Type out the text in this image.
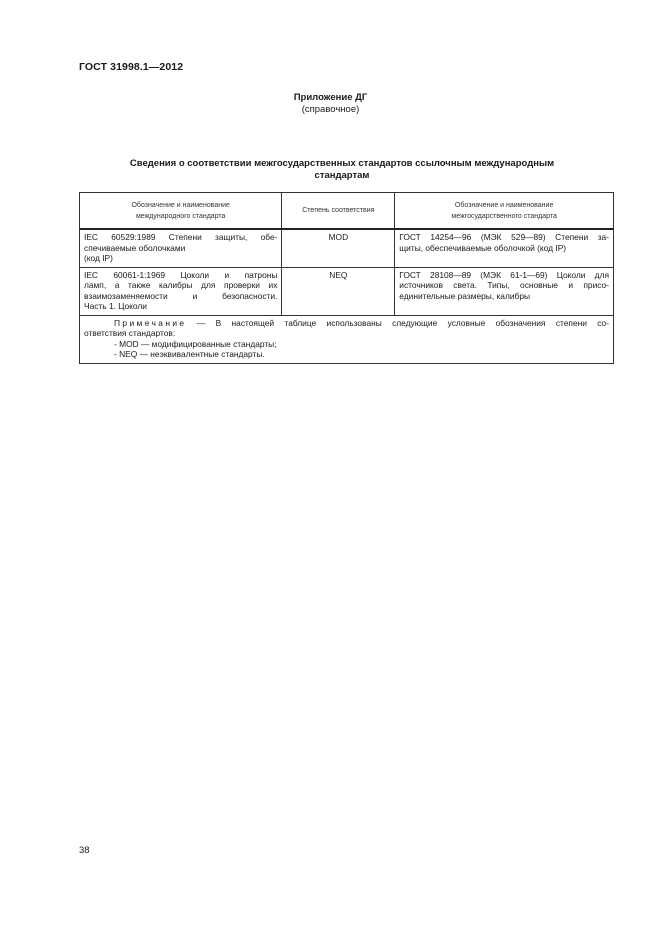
ГОСТ 31998.1—2012
Приложение ДГ
(справочное)
Сведения о соответствии межгосударственных стандартов ссылочным международным
стандартам
Обозначение и наименование
международного стандарта	Степень соответствия	Обозначение и наименование
межгосударственного стандарта

IEC 60529:1989 Степени защиты, обе-
спечиваемые оболочками
(код IP)	MOD	ГОСТ 14254—96 (МЭК 529—89) Степени за-
щиты, обеспечиваемые оболочкой (код IP)

IEC 60061-1:1969 Цоколи и патроны
ламп, а также калибры для проверки их
взаимозаменяемости и безопасности.
Часть 1. Цоколи	NEQ	ГОСТ 28108—89 (МЭК 61-1—69) Цоколи для
источников света. Типы, основные и присо-
единительные размеры, калибры

Примечание — В настоящей таблице использованы следующие условные обозначения степени со-
ответствия стандартов:
- MOD — модифицированные стандарты;
- NEQ — неэквивалентные стандарты.		
38
